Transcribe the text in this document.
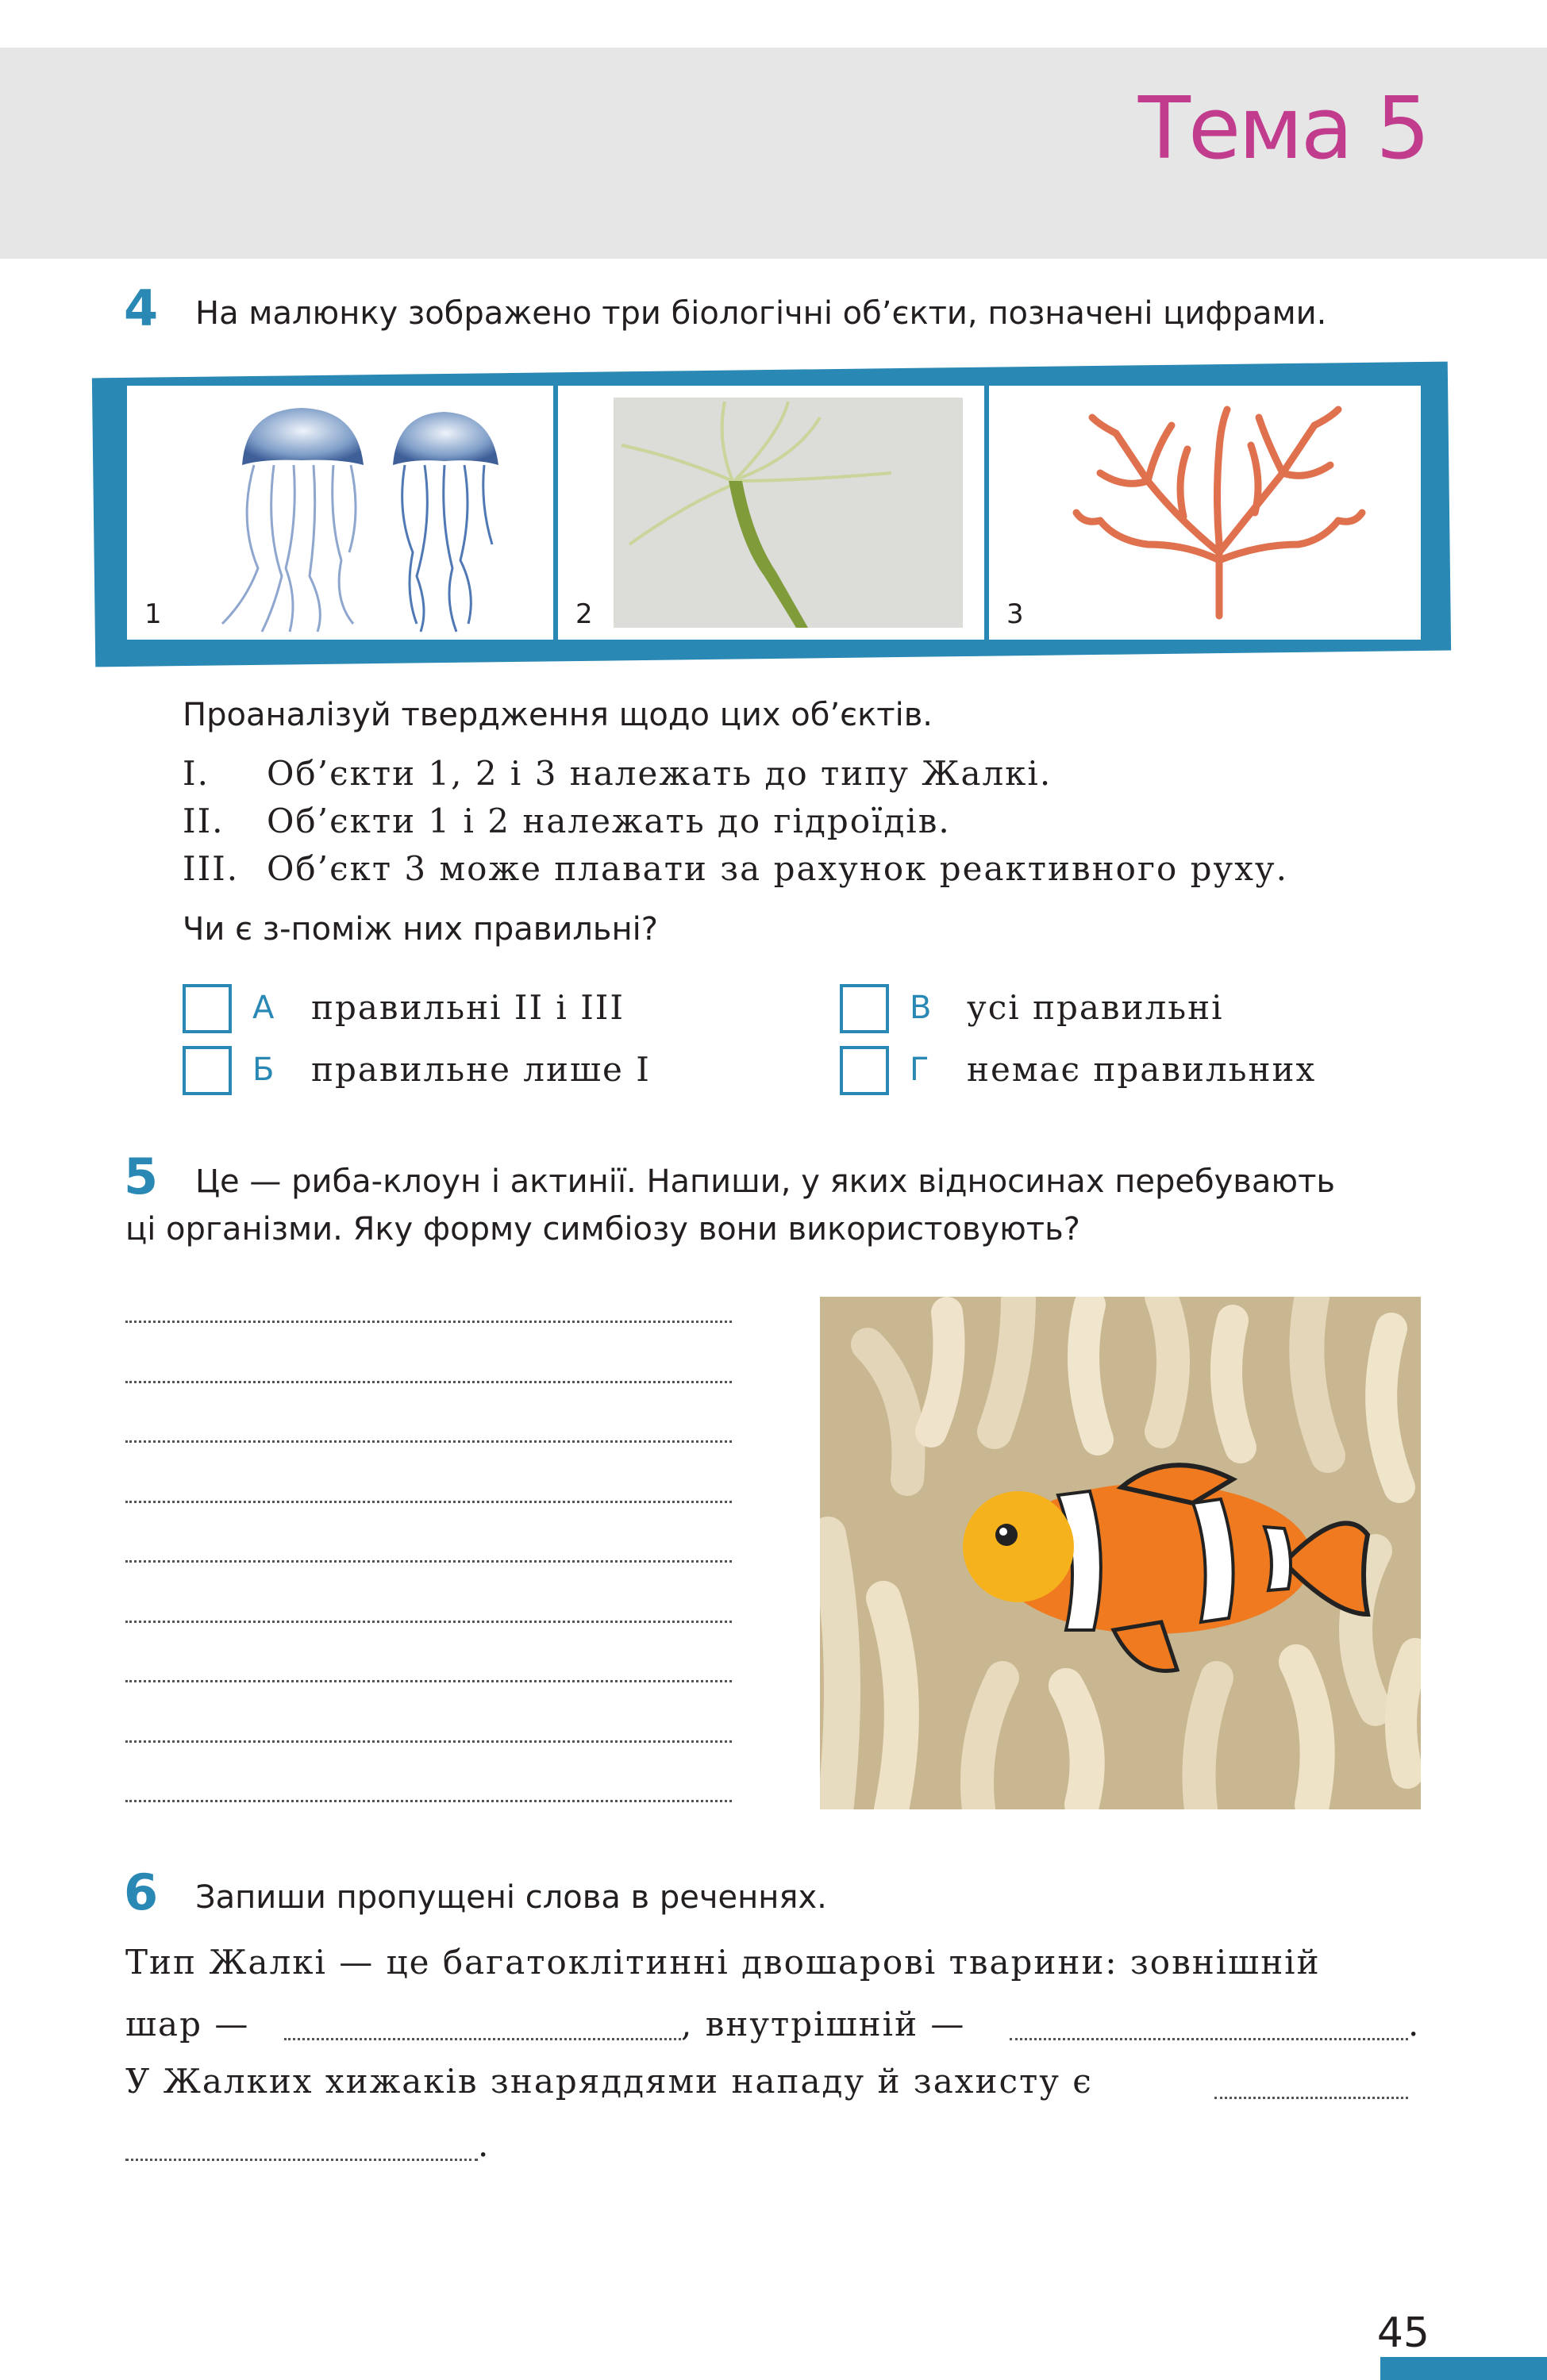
Тема 5
4 На малюнку зображено три біологічні об’єкти, позначені цифрами.
1	2	3
Проаналізуй твердження щодо цих об’єктів.
I. Об’єкти 1, 2 і 3 належать до типу Жалкі.
II. Об’єкти 1 і 2 належать до гідроїдів.
III. Об’єкт 3 може плавати за рахунок реактивного руху.
Чи є з-поміж них правильні?
А правильні II і III	В усі правильні
Б правильне лише I	Г немає правильних
5 Це — риба-клоун і актинії. Напиши, у яких відносинах перебувають
ці організми. Яку форму симбіозу вони використовують?
6 Запиши пропущені слова в реченнях.
Тип Жалкі — це багатоклітинні двошарові тварини: зовнішній
шар —	, внутрішній —	.
У Жалких хижаків знаряддями нападу й захисту є
.
45
